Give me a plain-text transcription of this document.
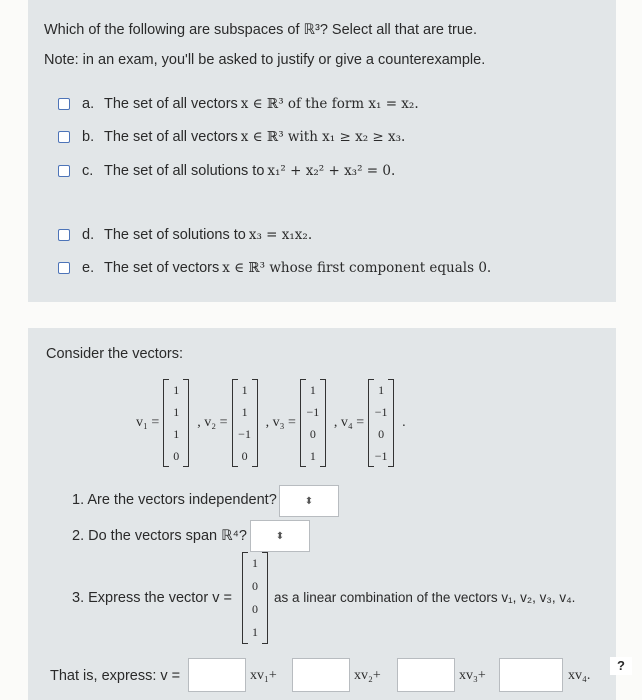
Which of the following are subspaces of ℝ³? Select all that are true.
Note: in an exam, you'll be asked to justify or give a counterexample.
a. The set of all vectors x ∈ ℝ³ of the form x₁ = x₂.
b. The set of all vectors x ∈ ℝ³ with x₁ ≥ x₂ ≥ x₃.
c. The set of all solutions to x₁² + x₂² + x₃² = 0.
d. The set of solutions to x₃ = x₁x₂.
e. The set of vectors x ∈ ℝ³ whose first component equals 0.
Consider the vectors:
v₁ =
1
1
1
0
, v₂ =
1
1
−1
0
, v₃ =
1
−1
0
1
, v₄ =
1
−1
0
−1
.
1. Are the vectors independent?	⬍
2. Do the vectors span ℝ⁴?	⬍
3. Express the vector v =
1
0
0
1
as a linear combination of the vectors v₁, v₂, v₃, v₄.
That is, express: v =	xv₁+	xv₂+	xv₃+	xv₄.
?
